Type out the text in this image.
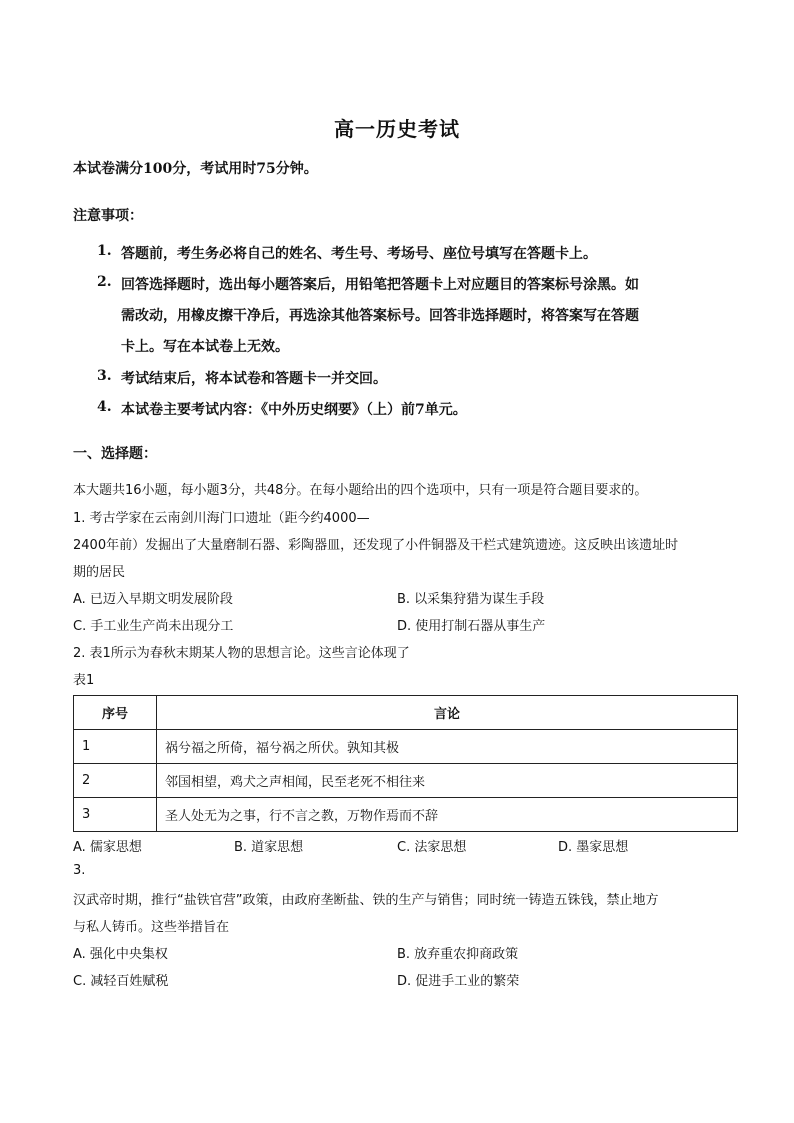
高一历史考试
本试卷满分100分，考试用时75分钟。
注意事项：
1. 答题前，考生务必将自己的姓名、考生号、考场号、座位号填写在答题卡上。
2. 回答选择题时，选出每小题答案后，用铅笔把答题卡上对应题目的答案标号涂黑。如
需改动，用橡皮擦干净后，再选涂其他答案标号。回答非选择题时，将答案写在答题
卡上。写在本试卷上无效。
3. 考试结束后，将本试卷和答题卡一并交回。
4. 本试卷主要考试内容：《中外历史纲要》（上）前7单元。
一、选择题：
本大题共16小题，每小题3分，共48分。在每小题给出的四个选项中，只有一项是符合题目要求的。
1. 考古学家在云南剑川海门口遗址（距今约4000—
2400年前）发掘出了大量磨制石器、彩陶器皿，还发现了小件铜器及干栏式建筑遗迹。这反映出该遗址时
期的居民
A. 已迈入早期文明发展阶段	B. 以采集狩猎为谋生手段
C. 手工业生产尚未出现分工	D. 使用打制石器从事生产
2. 表1所示为春秋末期某人物的思想言论。这些言论体现了
表1
序号	言论
1	祸兮福之所倚，福兮祸之所伏。孰知其极
2	邻国相望，鸡犬之声相闻，民至老死不相往来
3	圣人处无为之事，行不言之教，万物作焉而不辞
A. 儒家思想	B. 道家思想	C. 法家思想	D. 墨家思想
3.
汉武帝时期，推行“盐铁官营”政策，由政府垄断盐、铁的生产与销售；同时统一铸造五铢钱，禁止地方
与私人铸币。这些举措旨在
A. 强化中央集权	B. 放弃重农抑商政策
C. 减轻百姓赋税	D. 促进手工业的繁荣
